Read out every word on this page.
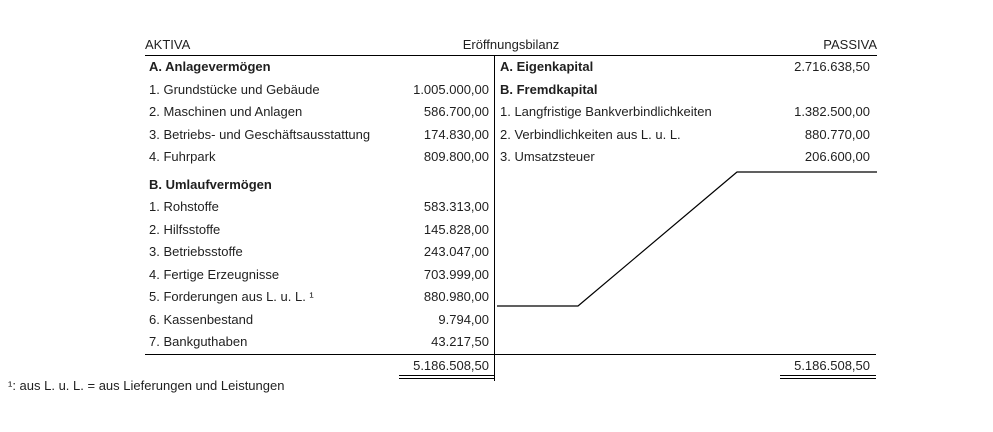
AKTIVA	Eröffnungsbilanz	PASSIVA
A. Anlagevermögen
1. Grundstücke und Gebäude	1.005.000,00
2. Maschinen und Anlagen	586.700,00
3. Betriebs- und Geschäftsausstattung	174.830,00
4. Fuhrpark	809.800,00
B. Umlaufvermögen
1. Rohstoffe	583.313,00
2. Hilfsstoffe	145.828,00
3. Betriebsstoffe	243.047,00
4. Fertige Erzeugnisse	703.999,00
5. Forderungen aus L. u. L. ¹	880.980,00
6. Kassenbestand	9.794,00
7. Bankguthaben	43.217,50
5.186.508,50
A. Eigenkapital	2.716.638,50
B. Fremdkapital
1. Langfristige Bankverbindlichkeiten	1.382.500,00
2. Verbindlichkeiten aus L. u. L.	880.770,00
3. Umsatzsteuer	206.600,00
5.186.508,50
¹: aus L. u. L. = aus Lieferungen und Leistungen
